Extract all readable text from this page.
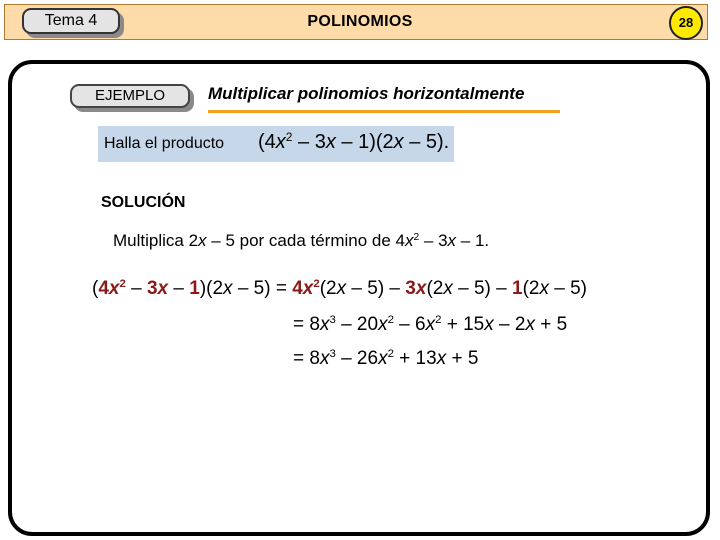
Tema 4	POLINOMIOS	28
EJEMPLO	Multiplicar polinomios horizontalmente
Halla el producto $(4x^2 - 3x - 1)(2x - 5)$.
SOLUCIÓN
Multiplica 2x – 5 por cada término de $4x^2 - 3x - 1$.
$(4x^2 - 3x - 1)(2x - 5) = 4x^2(2x - 5) - 3x(2x - 5) - 1(2x - 5)$
= $8x^3 - 20x^2 - 6x^2 + 15x - 2x + 5$
= $8x^3 - 26x^2 + 13x + 5$
